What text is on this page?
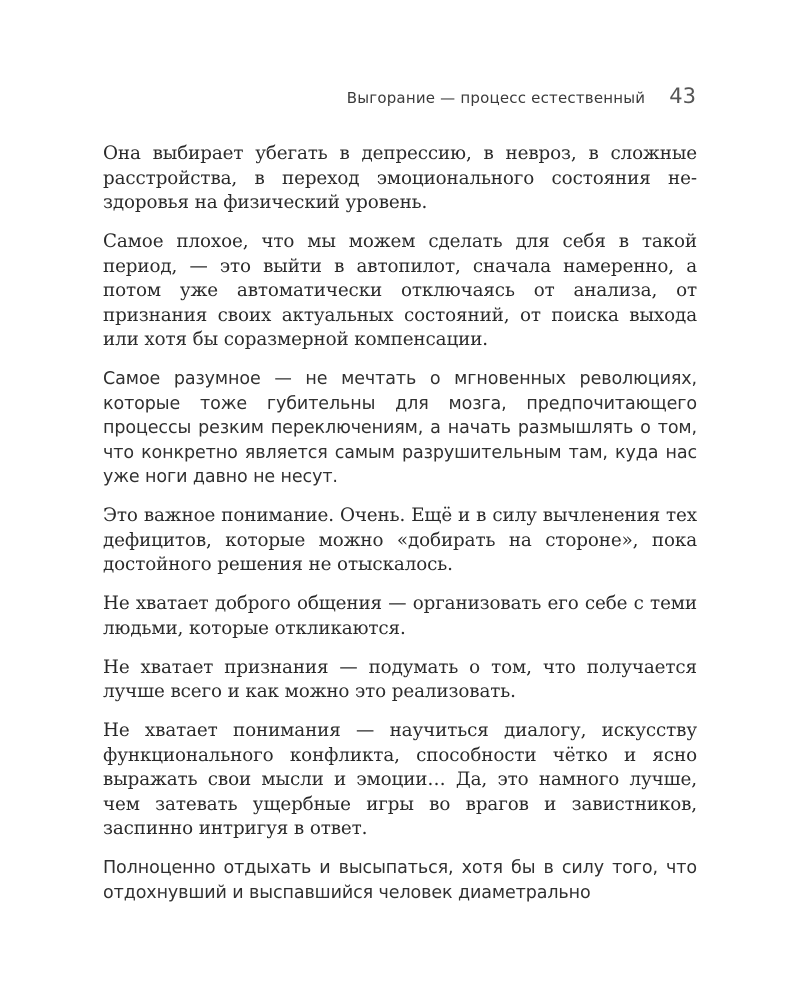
Выгорание — процесс естественный 43

Она выбирает убегать в депрессию, в невроз, в сложные расстройства, в переход эмоционального состояния нездоровья на физический уровень.

Самое плохое, что мы можем сделать для себя в такой период, — это выйти в автопилот, сначала намеренно, а потом уже автоматически отключаясь от анализа, от признания своих актуальных состояний, от поиска выхода или хотя бы соразмерной компенсации.

Самое разумное — не мечтать о мгновенных революциях, которые тоже губительны для мозга, предпочитающего процессы резким переключениям, а начать размышлять о том, что конкретно является самым разрушительным там, куда нас уже ноги давно не несут.

Это важное понимание. Очень. Ещё и в силу вычленения тех дефицитов, которые можно «добирать на стороне», пока достойного решения не отыскалось.

Не хватает доброго общения — организовать его себе с теми людьми, которые откликаются.

Не хватает признания — подумать о том, что получается лучше всего и как можно это реализовать.

Не хватает понимания — научиться диалогу, искусству функционального конфликта, способности чётко и ясно выражать свои мысли и эмоции… Да, это намного лучше, чем затевать ущербные игры во врагов и завистников, заспинно интригуя в ответ.

Полноценно отдыхать и высыпаться, хотя бы в силу того, что отдохнувший и выспавшийся человек диаметрально
